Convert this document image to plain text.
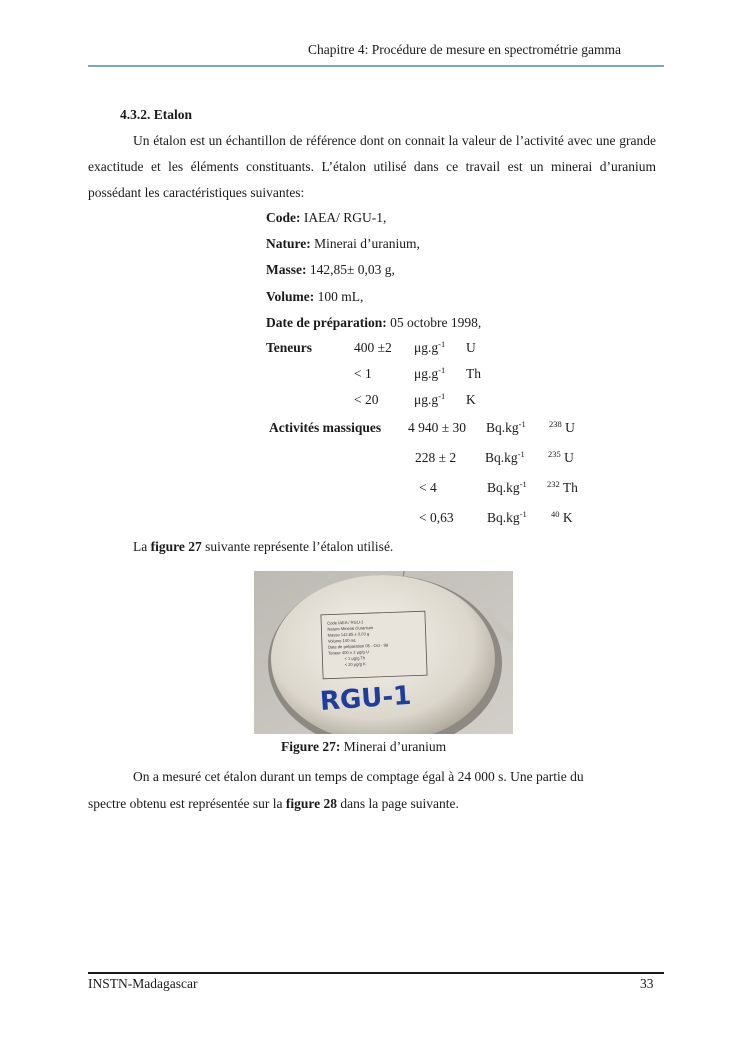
Chapitre 4: Procédure de mesure en spectrométrie gamma
4.3.2. Etalon
Un étalon est un échantillon de référence dont on connait la valeur de l’activité avec une grande exactitude et les éléments constituants. L’étalon utilisé dans ce travail est un minerai d’uranium possédant les caractéristiques suivantes:
Code: IAEA/ RGU-1,
Nature: Minerai d’uranium,
Masse: 142,85± 0,03 g,
Volume: 100 mL,
Date de préparation: 05 octobre 1998,
Teneurs	400 ±2 $\mu g.g^{-1}$ U
< 1	$\mu g.g^{-1}$ Th
< 20	$\mu g.g^{-1}$ K
Activités massiques 4 940 ± 30 $Bq.kg^{-1}$	$^{238}$ U
228 ± 2 $Bq.kg^{-1}$	$^{235}$ U
< 4	$Bq.kg^{-1}$ $^{232}$ Th
< 0,63 $Bq.kg^{-1}$	$^{40}$ K
La figure 27 suivante représente l’étalon utilisé.
Code IAEA / RGU-1
Nature Minerai d'uranium
Masse 142,85 ± 0,03 g
Volume 100 mL
Date de préparation 05 - Oct - 98
Teneur 400 ± 2 μg/g U
< 1 μg/g Th
< 20 μg/g K
RGU-1
Figure 27: Minerai d’uranium
On a mesuré cet étalon durant un temps de comptage égal à 24 000 s. Une partie du
spectre obtenu est représentée sur la figure 28 dans la page suivante.
INSTN-Madagascar	33
